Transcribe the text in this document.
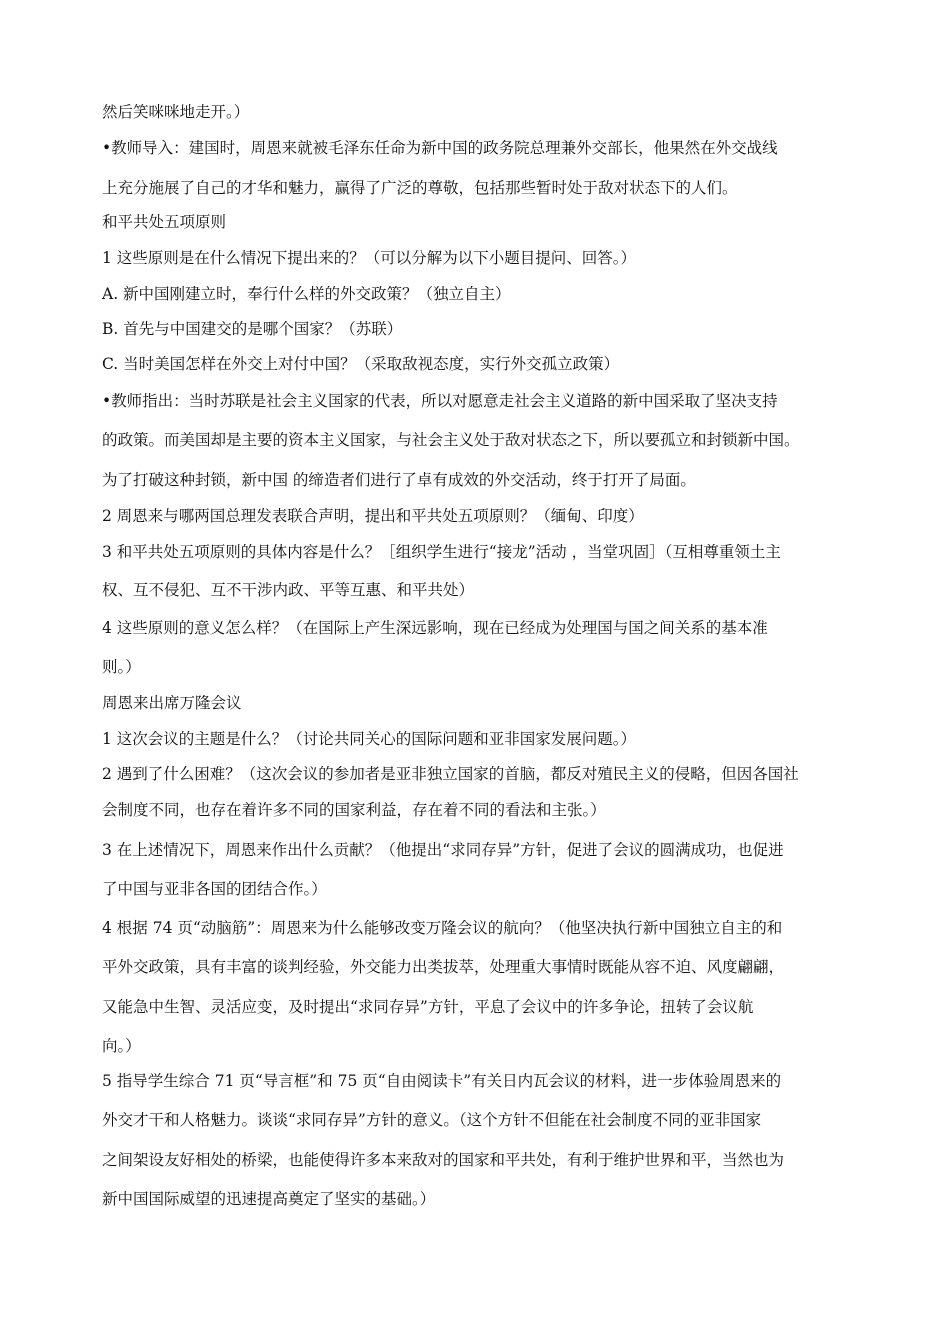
然后笑咪咪地走开。）
•教师导入：建国时，周恩来就被毛泽东任命为新中国的政务院总理兼外交部长，他果然在外交战线
上充分施展了自己的才华和魅力，赢得了广泛的尊敬，包括那些暂时处于敌对状态下的人们。
和平共处五项原则
1 这些原则是在什么情况下提出来的？（可以分解为以下小题目提问、回答。）
A. 新中国刚建立时，奉行什么样的外交政策？（独立自主）
B. 首先与中国建交的是哪个国家？（苏联）
C. 当时美国怎样在外交上对付中国？（采取敌视态度，实行外交孤立政策）
•教师指出：当时苏联是社会主义国家的代表，所以对愿意走社会主义道路的新中国采取了坚决支持
的政策。而美国却是主要的资本主义国家，与社会主义处于敌对状态之下，所以要孤立和封锁新中国。
为了打破这种封锁，新中国 的缔造者们进行了卓有成效的外交活动，终于打开了局面。
2 周恩来与哪两国总理发表联合声明，提出和平共处五项原则？（缅甸、印度）
3 和平共处五项原则的具体内容是什么？［组织学生进行“接龙”活动 ，当堂巩固］（互相尊重领土主
权、互不侵犯、互不干涉内政、平等互惠、和平共处）
4 这些原则的意义怎么样？（在国际上产生深远影响，现在已经成为处理国与国之间关系的基本准
则。）
周恩来出席万隆会议
1 这次会议的主题是什么？（讨论共同关心的国际问题和亚非国家发展问题。）
2 遇到了什么困难？（这次会议的参加者是亚非独立国家的首脑，都反对殖民主义的侵略，但因各国社
会制度不同，也存在着许多不同的国家利益，存在着不同的看法和主张。）
3 在上述情况下，周恩来作出什么贡献？（他提出“求同存异”方针，促进了会议的圆满成功，也促进
了中国与亚非各国的团结合作。）
4 根据 74 页“动脑筋”：周恩来为什么能够改变万隆会议的航向？（他坚决执行新中国独立自主的和
平外交政策，具有丰富的谈判经验，外交能力出类拔萃，处理重大事情时既能从容不迫、风度翩翩，
又能急中生智、灵活应变，及时提出“求同存异”方针，平息了会议中的许多争论，扭转了会议航
向。）
5 指导学生综合 71 页“导言框”和 75 页“自由阅读卡”有关日内瓦会议的材料，进一步体验周恩来的
外交才干和人格魅力。谈谈“求同存异”方针的意义。（这个方针不但能在社会制度不同的亚非国家
之间架设友好相处的桥梁，也能使得许多本来敌对的国家和平共处，有利于维护世界和平，当然也为
新中国国际威望的迅速提高奠定了坚实的基础。）
